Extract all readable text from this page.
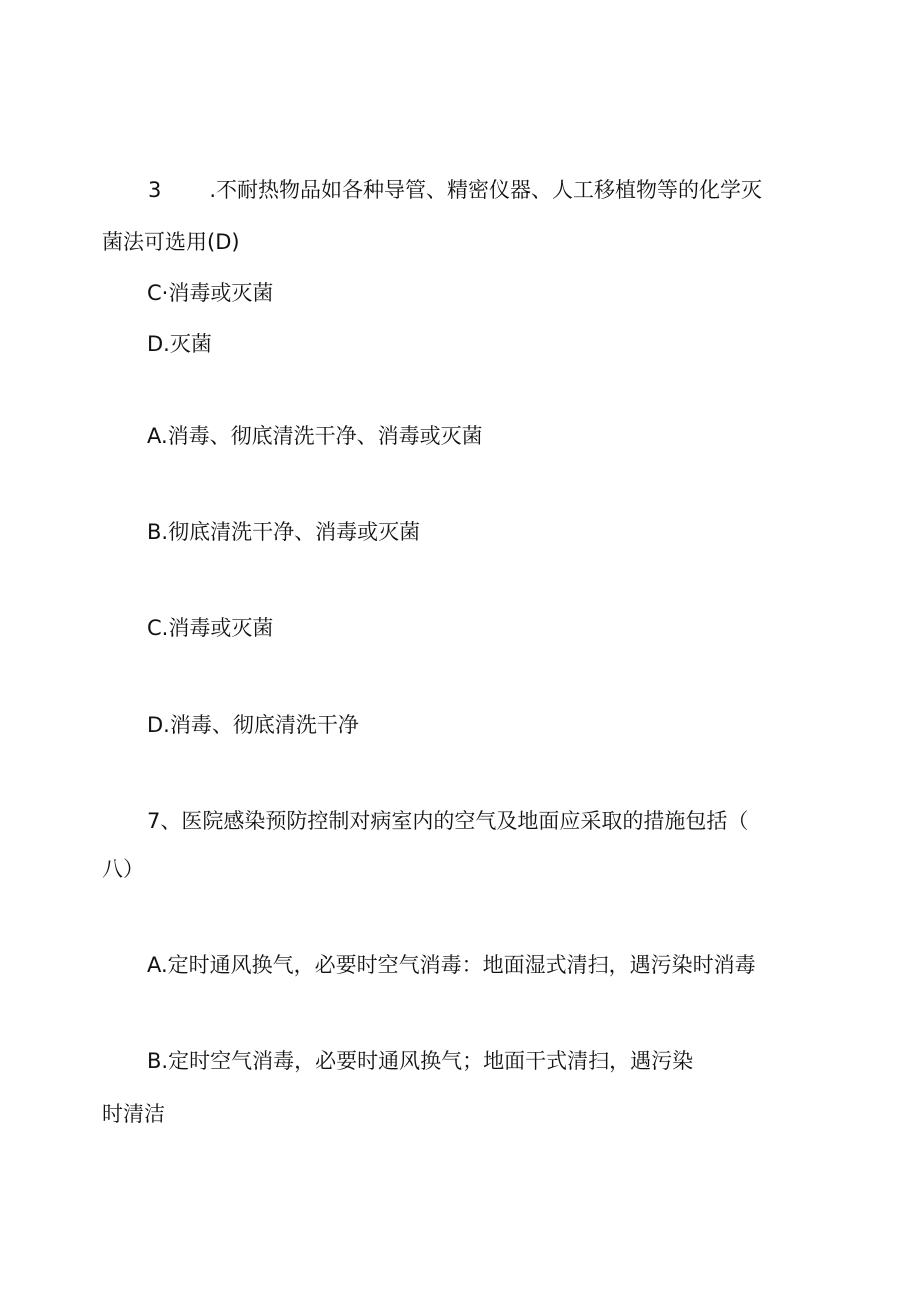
3 .不耐热物品如各种导管、精密仪器、人工移植物等的化学灭
菌法可选用(D)
C·消毒或灭菌
D.灭菌
A.消毒、彻底清洗干净、消毒或灭菌
B.彻底清洗干净、消毒或灭菌
C.消毒或灭菌
D.消毒、彻底清洗干净
7、医院感染预防控制对病室内的空气及地面应采取的措施包括（
八）
A.定时通风换气，必要时空气消毒：地面湿式清扫，遇污染时消毒
B.定时空气消毒，必要时通风换气；地面干式清扫，遇污染
时清洁
